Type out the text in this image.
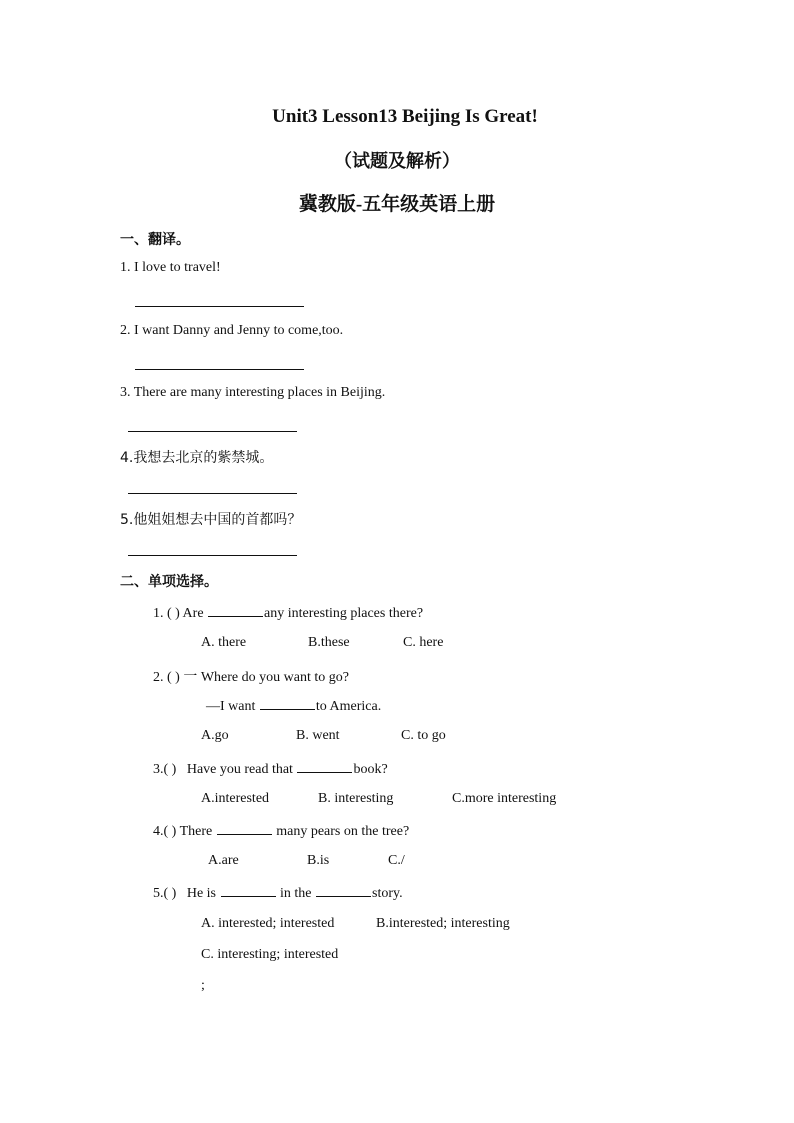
Unit3 Lesson13 Beijing Is Great!
（试题及解析）
冀教版-五年级英语上册
一、翻译。
1. I love to travel!
2. I want Danny and Jenny to come,too.
3. There are many interesting places in Beijing.
4.我想去北京的紫禁城。
5.他姐姐想去中国的首都吗？
二、单项选择。
1. ( ) Are	any interesting places there?
A. there	B.these	C. here
2. ( ) 一 Where do you want to go?
—I want	to America.
A.go	B. went	C. to go
3.( ) Have you read that	book?
A.interested	B. interesting	C.more interesting
4.( ) There	many pears on the tree?
A.are	B.is	C./
5.( ) He is	in the	story.
A. interested; interested	B.interested; interesting
C. interesting; interested
;
